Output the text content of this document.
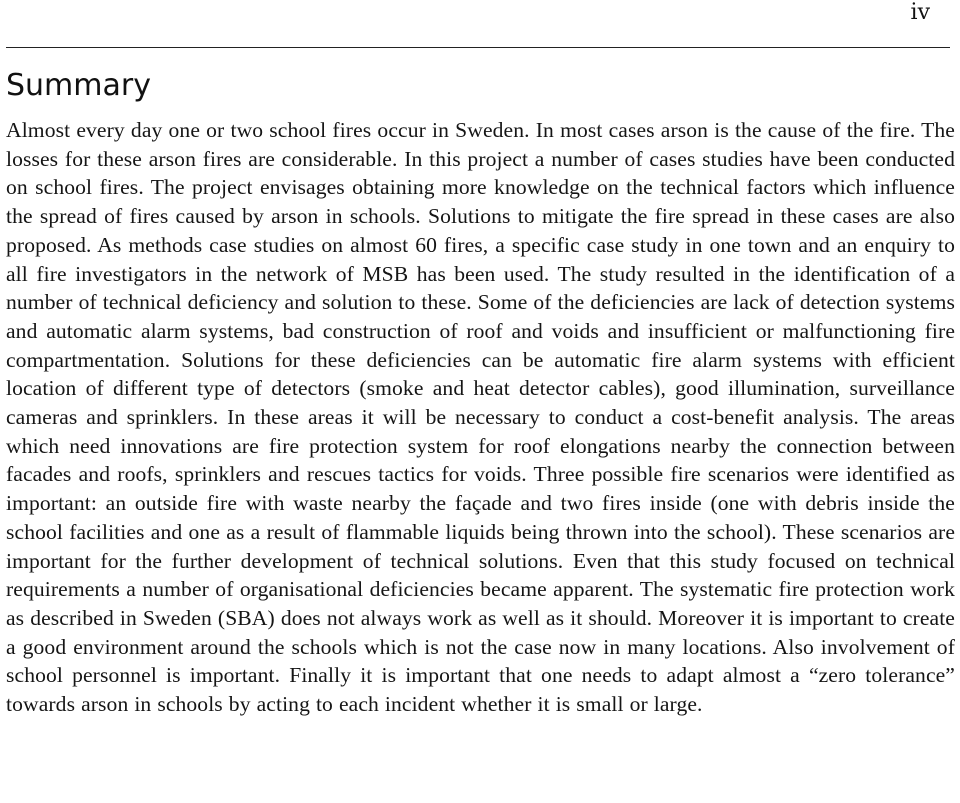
iv
Summary

Almost every day one or two school fires occur in Sweden. In most cases arson is the cause of the fire. The losses for these arson fires are considerable. In this project a number of cases studies have been conducted on school fires. The project envisages obtaining more knowledge on the technical factors which influence the spread of fires caused by arson in schools. Solutions to mitigate the fire spread in these cases are also proposed. As methods case studies on almost 60 fires, a specific case study in one town and an enquiry to all fire investigators in the network of MSB has been used. The study resulted in the identification of a number of technical deficiency and solution to these. Some of the deficiencies are lack of detection systems and automatic alarm systems, bad construction of roof and voids and insufficient or malfunctioning fire compartmentation. Solutions for these deficiencies can be automatic fire alarm systems with efficient location of different type of detectors (smoke and heat detector cables), good illumination, surveillance cameras and sprinklers. In these areas it will be necessary to conduct a cost-benefit analysis. The areas which need innovations are fire protection system for roof elongations nearby the connection between facades and roofs, sprinklers and rescues tactics for voids. Three possible fire scenarios were identified as important: an outside fire with waste nearby the façade and two fires inside (one with debris inside the school facilities and one as a result of flammable liquids being thrown into the school). These scenarios are important for the further development of technical solutions. Even that this study focused on technical requirements a number of organisational deficiencies became apparent. The systematic fire protection work as described in Sweden (SBA) does not always work as well as it should. Moreover it is important to create a good environment around the schools which is not the case now in many locations. Also involvement of school personnel is important. Finally it is important that one needs to adapt almost a “zero tolerance” towards arson in schools by acting to each incident whether it is small or large.
